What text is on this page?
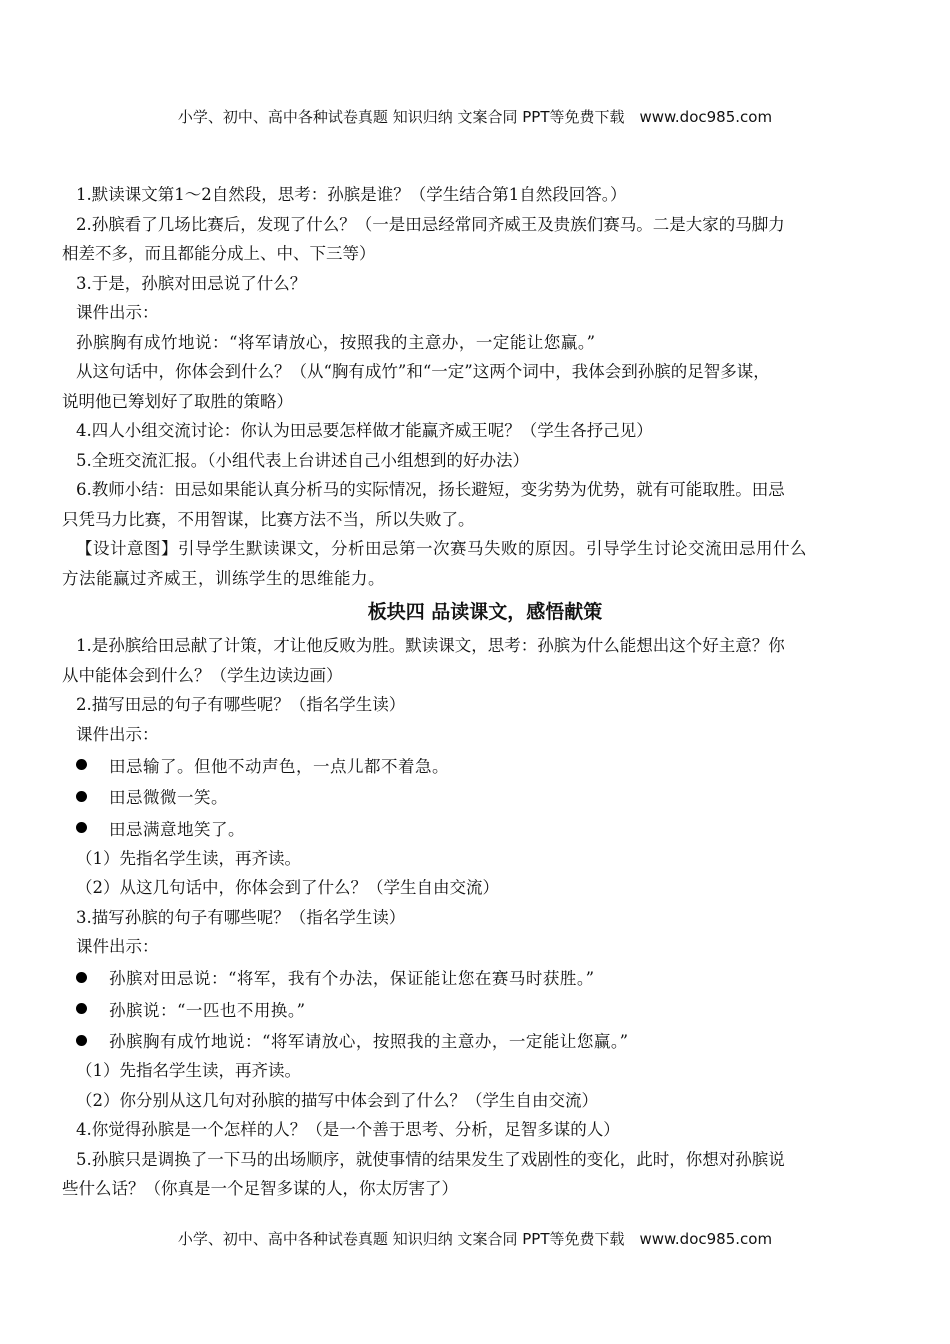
小学、初中、高中各种试卷真题 知识归纳 文案合同 PPT等免费下载　www.doc985.com
1.默读课文第1～2自然段，思考：孙膑是谁？（学生结合第1自然段回答。）
2.孙膑看了几场比赛后，发现了什么？（一是田忌经常同齐威王及贵族们赛马。二是大家的马脚力
相差不多，而且都能分成上、中、下三等）
3.于是，孙膑对田忌说了什么？
课件出示：
孙膑胸有成竹地说：“将军请放心，按照我的主意办，一定能让您赢。”
从这句话中，你体会到什么？（从“胸有成竹”和“一定”这两个词中，我体会到孙膑的足智多谋，
说明他已筹划好了取胜的策略）
4.四人小组交流讨论：你认为田忌要怎样做才能赢齐威王呢？（学生各抒己见）
5.全班交流汇报。（小组代表上台讲述自己小组想到的好办法）
6.教师小结：田忌如果能认真分析马的实际情况，扬长避短，变劣势为优势，就有可能取胜。田忌
只凭马力比赛，不用智谋，比赛方法不当，所以失败了。
【设计意图】引导学生默读课文，分析田忌第一次赛马失败的原因。引导学生讨论交流田忌用什么
方法能赢过齐威王，训练学生的思维能力。
板块四 品读课文，感悟献策
1.是孙膑给田忌献了计策，才让他反败为胜。默读课文，思考：孙膑为什么能想出这个好主意？你
从中能体会到什么？（学生边读边画）
2.描写田忌的句子有哪些呢？（指名学生读）
课件出示：
田忌输了。但他不动声色，一点儿都不着急。
田忌微微一笑。
田忌满意地笑了。
（1）先指名学生读，再齐读。
（2）从这几句话中，你体会到了什么？（学生自由交流）
3.描写孙膑的句子有哪些呢？（指名学生读）
课件出示：
孙膑对田忌说：“将军，我有个办法，保证能让您在赛马时获胜。”
孙膑说：“一匹也不用换。”
孙膑胸有成竹地说：“将军请放心，按照我的主意办，一定能让您赢。”
（1）先指名学生读，再齐读。
（2）你分别从这几句对孙膑的描写中体会到了什么？（学生自由交流）
4.你觉得孙膑是一个怎样的人？（是一个善于思考、分析，足智多谋的人）
5.孙膑只是调换了一下马的出场顺序，就使事情的结果发生了戏剧性的变化，此时，你想对孙膑说
些什么话？（你真是一个足智多谋的人，你太厉害了）
小学、初中、高中各种试卷真题 知识归纳 文案合同 PPT等免费下载　www.doc985.com
